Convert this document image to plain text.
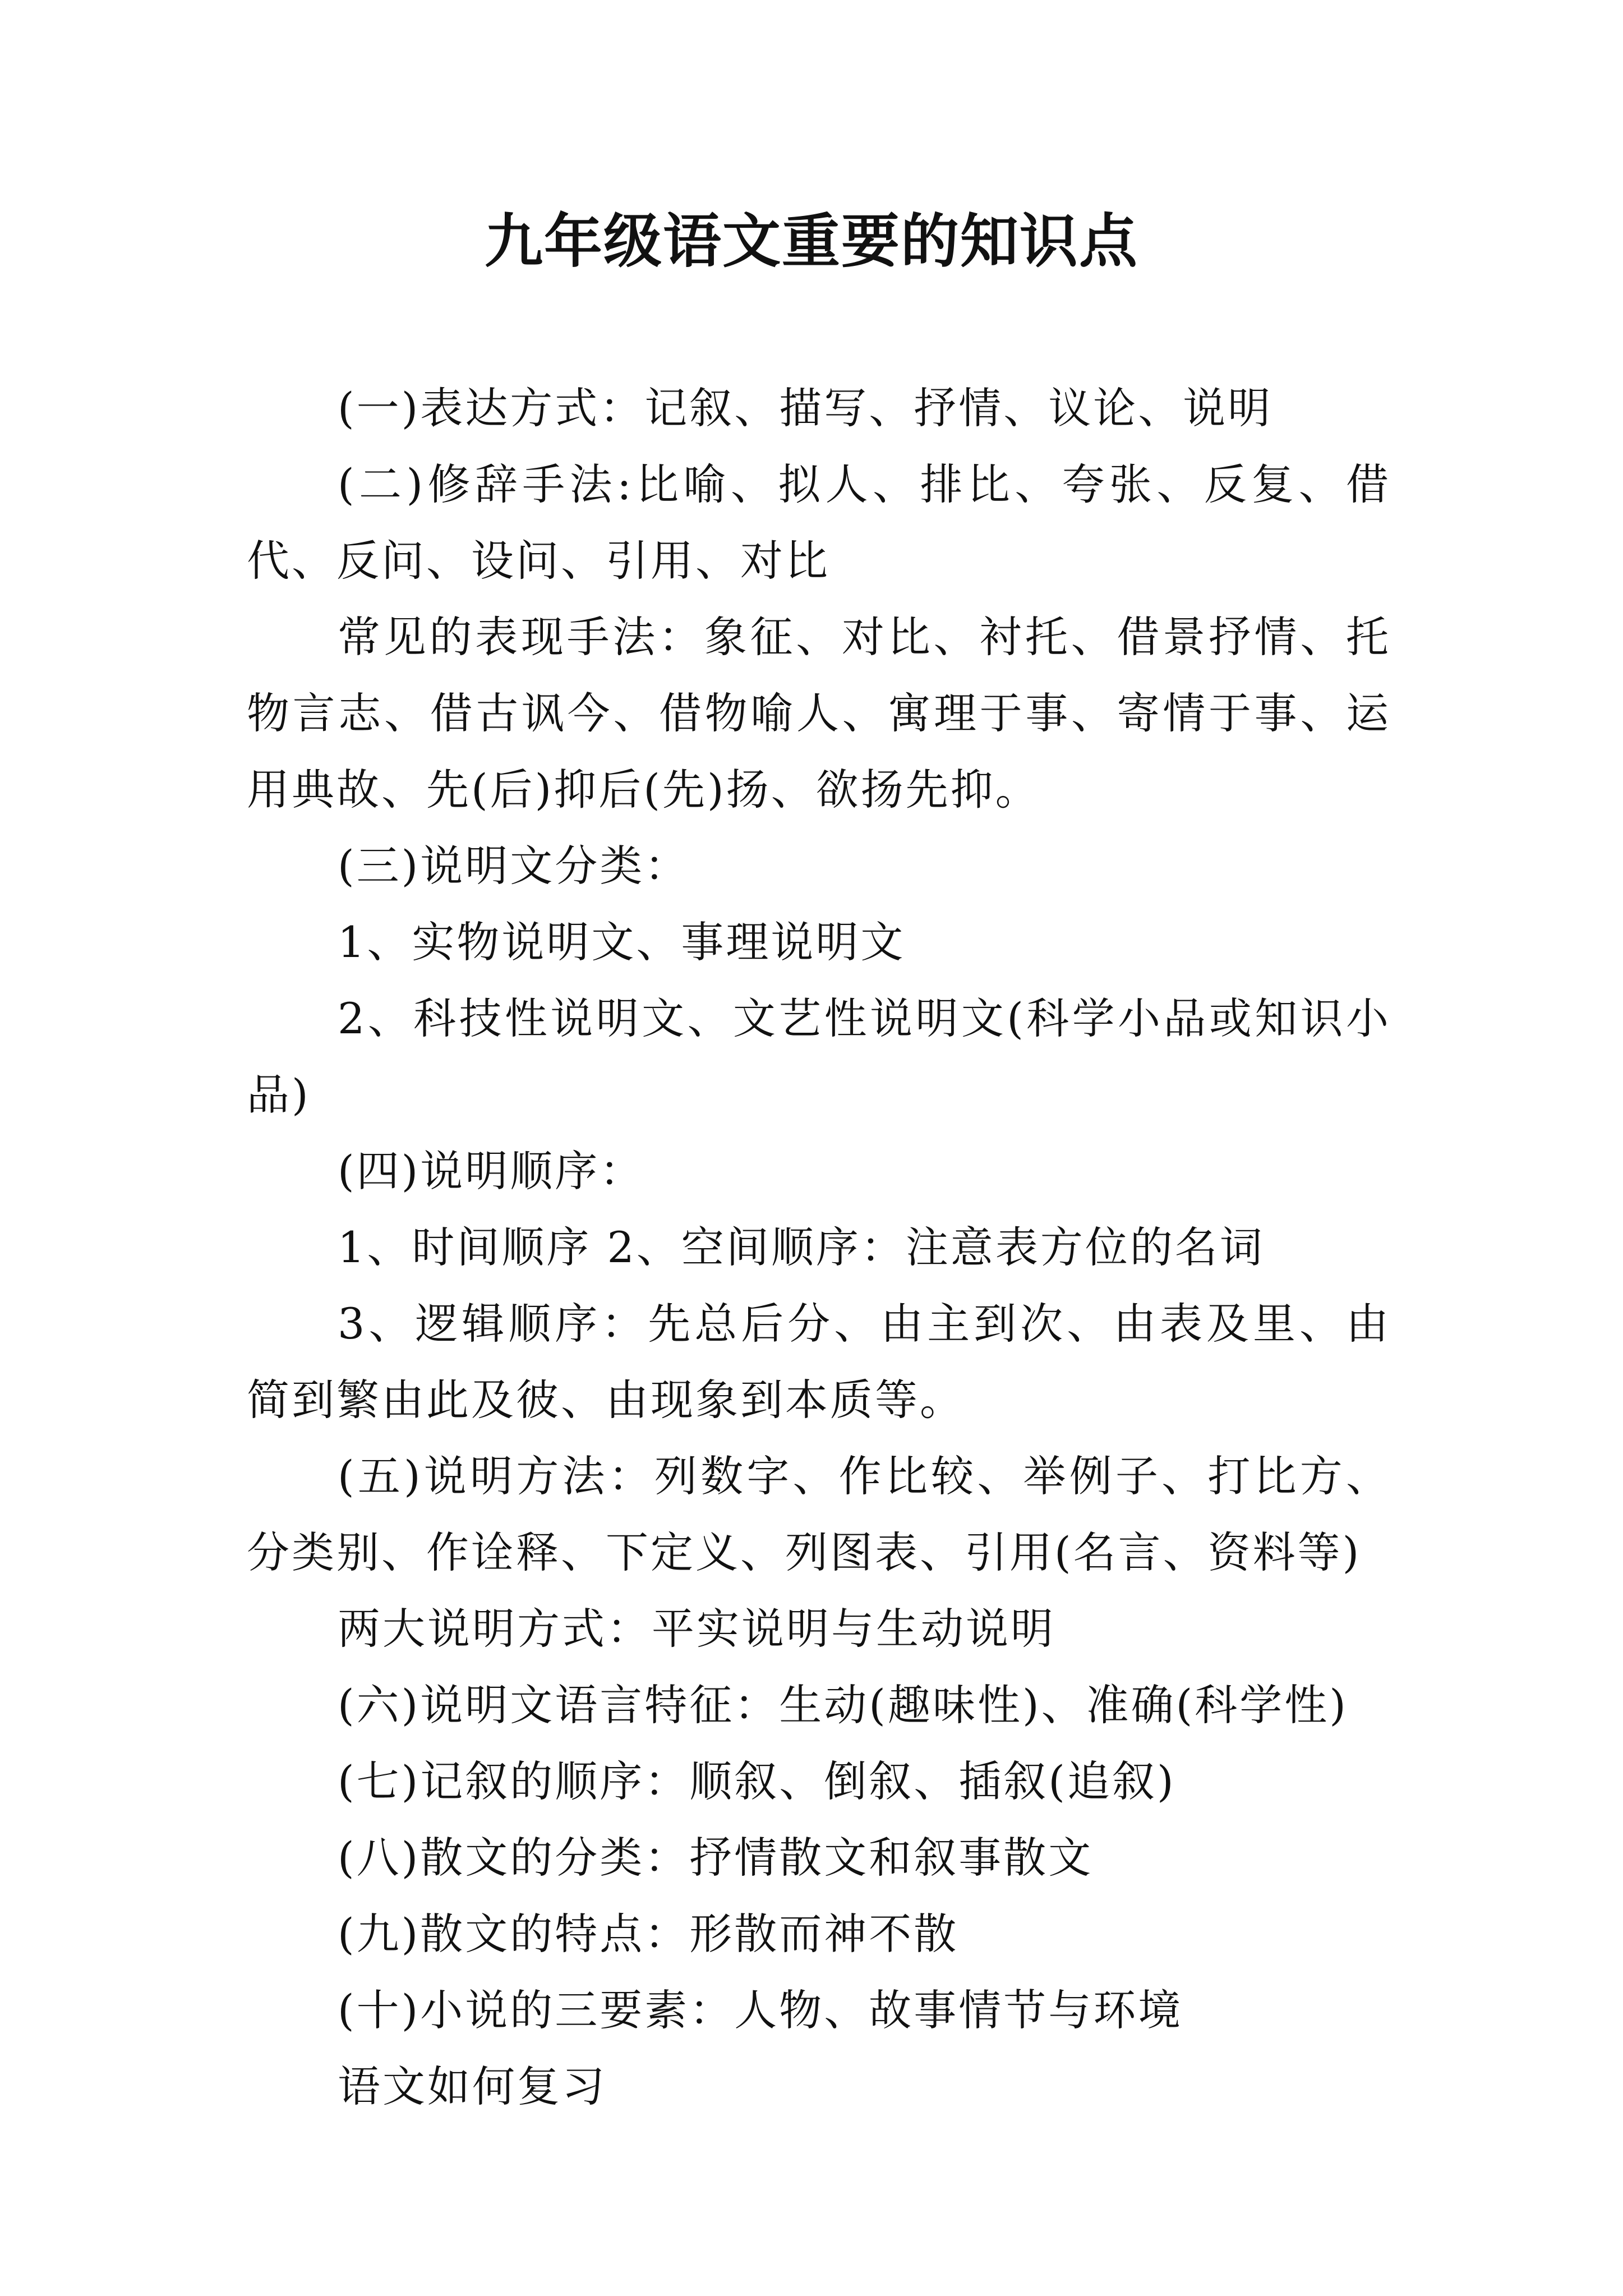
九年级语文重要的知识点

(一)表达方式：记叙、描写、抒情、议论、说明

(二)修辞手法:比喻、拟人、排比、夸张、反复、借代、反问、设问、引用、对比

常见的表现手法：象征、对比、衬托、借景抒情、托物言志、借古讽今、借物喻人、寓理于事、寄情于事、运用典故、先(后)抑后(先)扬、欲扬先抑。

(三)说明文分类：

1、实物说明文、事理说明文

2、科技性说明文、文艺性说明文(科学小品或知识小品)

(四)说明顺序：

1、时间顺序 2、空间顺序：注意表方位的名词

3、逻辑顺序：先总后分、由主到次、由表及里、由简到繁由此及彼、由现象到本质等。

(五)说明方法：列数字、作比较、举例子、打比方、分类别、作诠释、下定义、列图表、引用(名言、资料等)

两大说明方式：平实说明与生动说明

(六)说明文语言特征：生动(趣味性)、准确(科学性)

(七)记叙的顺序：顺叙、倒叙、插叙(追叙)

(八)散文的分类：抒情散文和叙事散文

(九)散文的特点：形散而神不散

(十)小说的三要素：人物、故事情节与环境

语文如何复习
